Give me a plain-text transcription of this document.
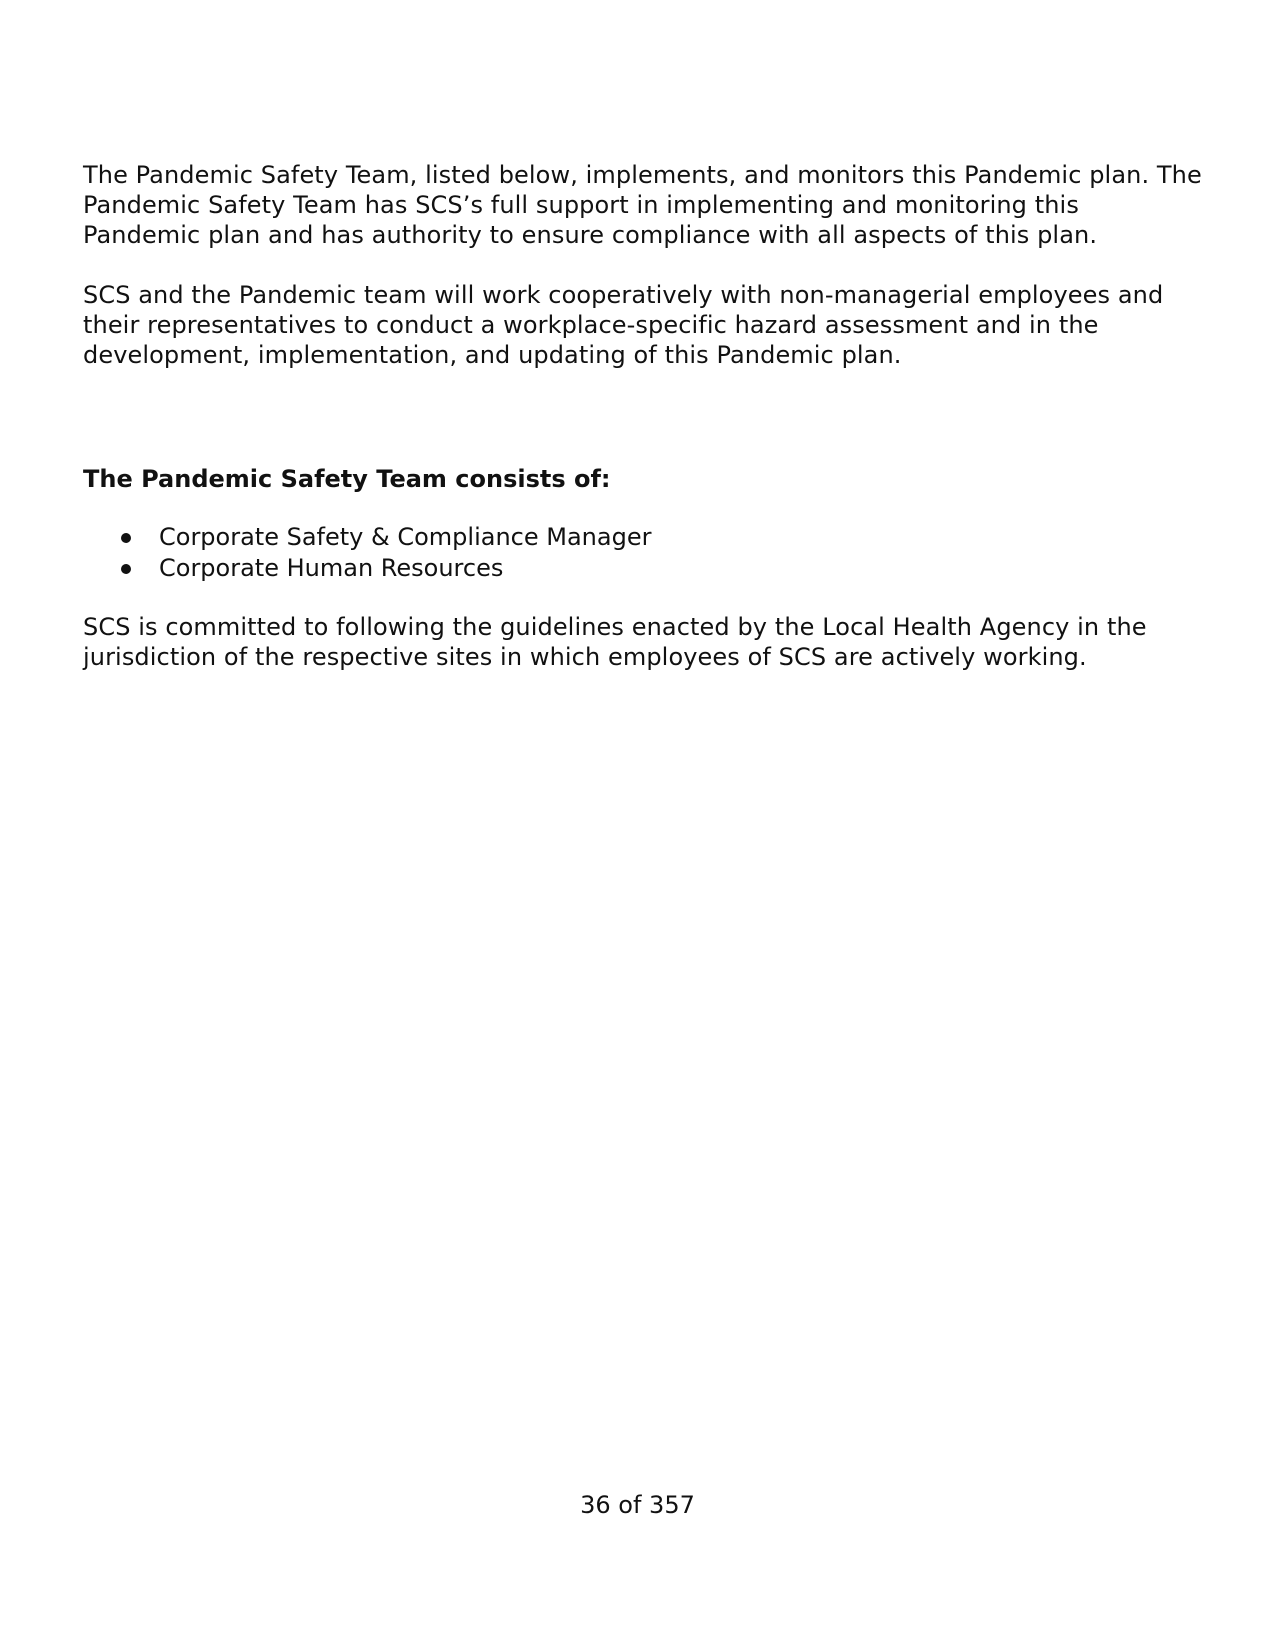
The Pandemic Safety Team, listed below, implements, and monitors this Pandemic plan. The Pandemic Safety Team has SCS’s full support in implementing and monitoring this Pandemic plan and has authority to ensure compliance with all aspects of this plan.

SCS and the Pandemic team will work cooperatively with non-managerial employees and their representatives to conduct a workplace-specific hazard assessment and in the development, implementation, and updating of this Pandemic plan.

The Pandemic Safety Team consists of:

Corporate Safety & Compliance Manager
Corporate Human Resources

SCS is committed to following the guidelines enacted by the Local Health Agency in the jurisdiction of the respective sites in which employees of SCS are actively working.

36 of 357
